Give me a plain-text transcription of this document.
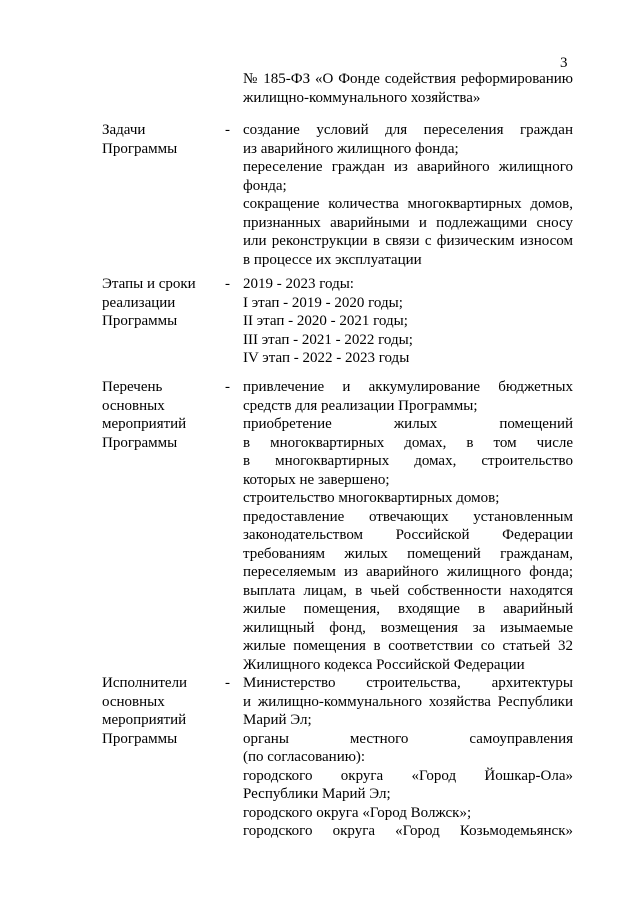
3
№ 185-ФЗ «О Фонде содействия реформированию
жилищно-коммунального хозяйства»
Задачи
Программы
- создание условий для переселения граждан
из аварийного жилищного фонда;
переселение граждан из аварийного жилищного
фонда;
сокращение количества многоквартирных домов,
признанных аварийными и подлежащими сносу
или реконструкции в связи с физическим износом
в процессе их эксплуатации
Этапы и сроки
реализации
Программы
- 2019 - 2023 годы:
I этап - 2019 - 2020 годы;
II этап - 2020 - 2021 годы;
III этап - 2021 - 2022 годы;
IV этап - 2022 - 2023 годы
Перечень
основных
мероприятий
Программы
- привлечение и аккумулирование бюджетных
средств для реализации Программы;
приобретение жилых помещений
в многоквартирных домах, в том числе
в многоквартирных домах, строительство
которых не завершено;
строительство многоквартирных домов;
предоставление отвечающих установленным
законодательством Российской Федерации
требованиям жилых помещений гражданам,
переселяемым из аварийного жилищного фонда;
выплата лицам, в чьей собственности находятся
жилые помещения, входящие в аварийный
жилищный фонд, возмещения за изымаемые
жилые помещения в соответствии со статьей 32
Жилищного кодекса Российской Федерации
Исполнители
основных
мероприятий
Программы
- Министерство строительства, архитектуры
и жилищно-коммунального хозяйства Республики
Марий Эл;
органы местного самоуправления
(по согласованию):
городского округа «Город Йошкар-Ола»
Республики Марий Эл;
городского округа «Город Волжск»;
городского округа «Город Козьмодемьянск»
